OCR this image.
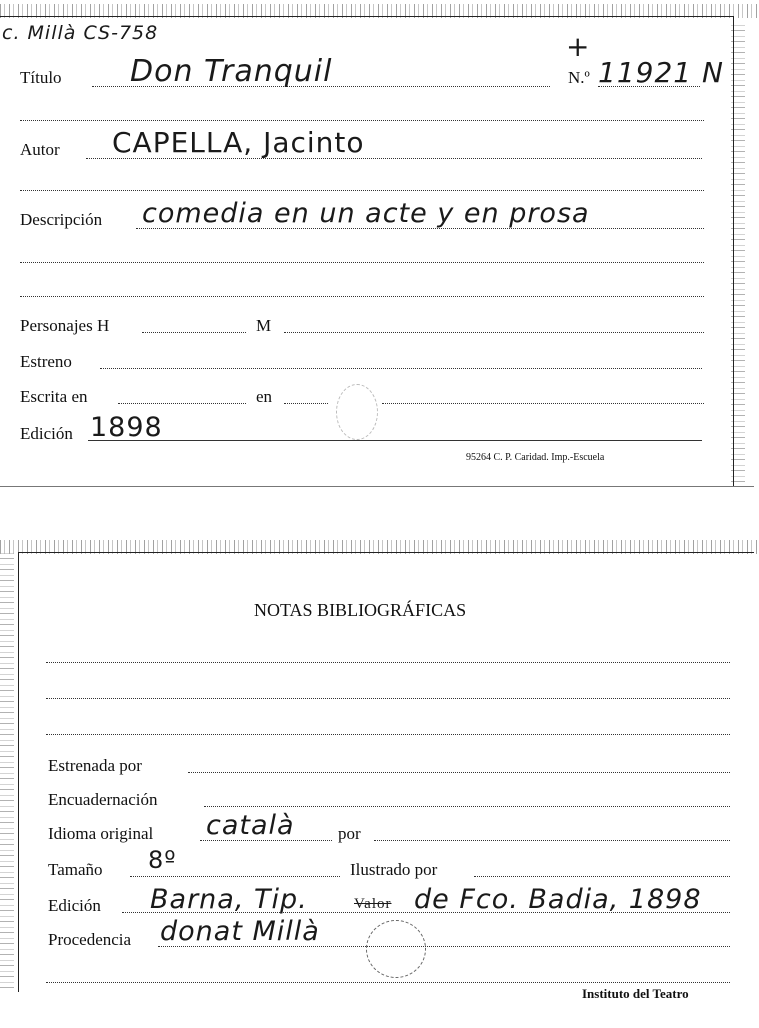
c. Millà CS-758	+
Título Don Tranquil	N.º 11921 N
Autor CAPELLA, Jacinto
Descripción comedia en un acte y en prosa
Personajes H	M
Estreno
Escrita en	en
Edición 1898
95264 C. P. Caridad. Imp.-Escuela
NOTAS BIBLIOGRÁFICAS
Estrenada por
Encuadernación
Idioma original català	por
Tamaño 8º	Ilustrado por
Edición Barna, Tip.	Valor de Fco. Badia, 1898
Procedencia donat Millà
Instituto del Teatro
